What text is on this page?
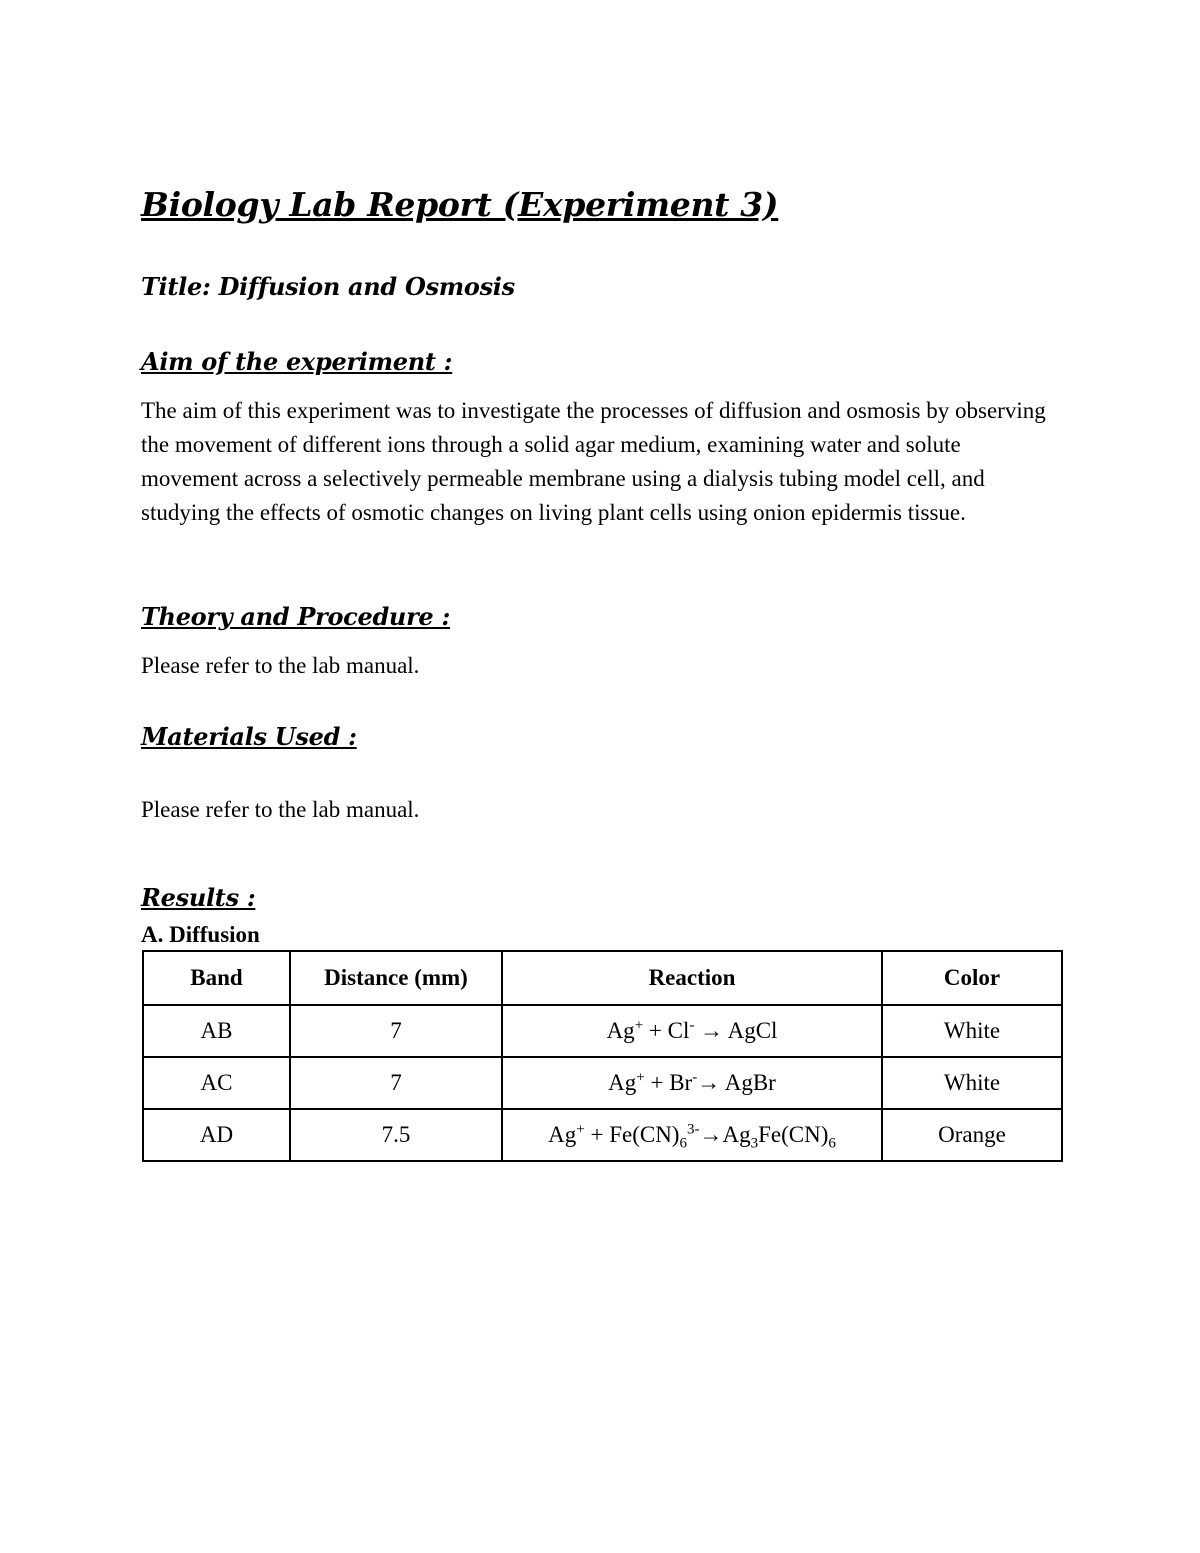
Biology Lab Report (Experiment 3)
Title: Diffusion and Osmosis
Aim of the experiment :

The aim of this experiment was to investigate the processes of diffusion and osmosis by observing the movement of different ions through a solid agar medium, examining water and solute movement across a selectively permeable membrane using a dialysis tubing model cell, and studying the effects of osmotic changes on living plant cells using onion epidermis tissue.

Theory and Procedure :

Please refer to the lab manual.

Materials Used :

Please refer to the lab manual.

Results :
A. Diffusion
Band	Distance (mm)	Reaction	Color
AB	7	Ag+ + Cl- → AgCl	White
AC	7	Ag+ + Br-→ AgBr	White
AD	7.5	$Ag^+ + Fe(CN)_6^{3-}\to Ag_3Fe(CN)_6$	Orange
